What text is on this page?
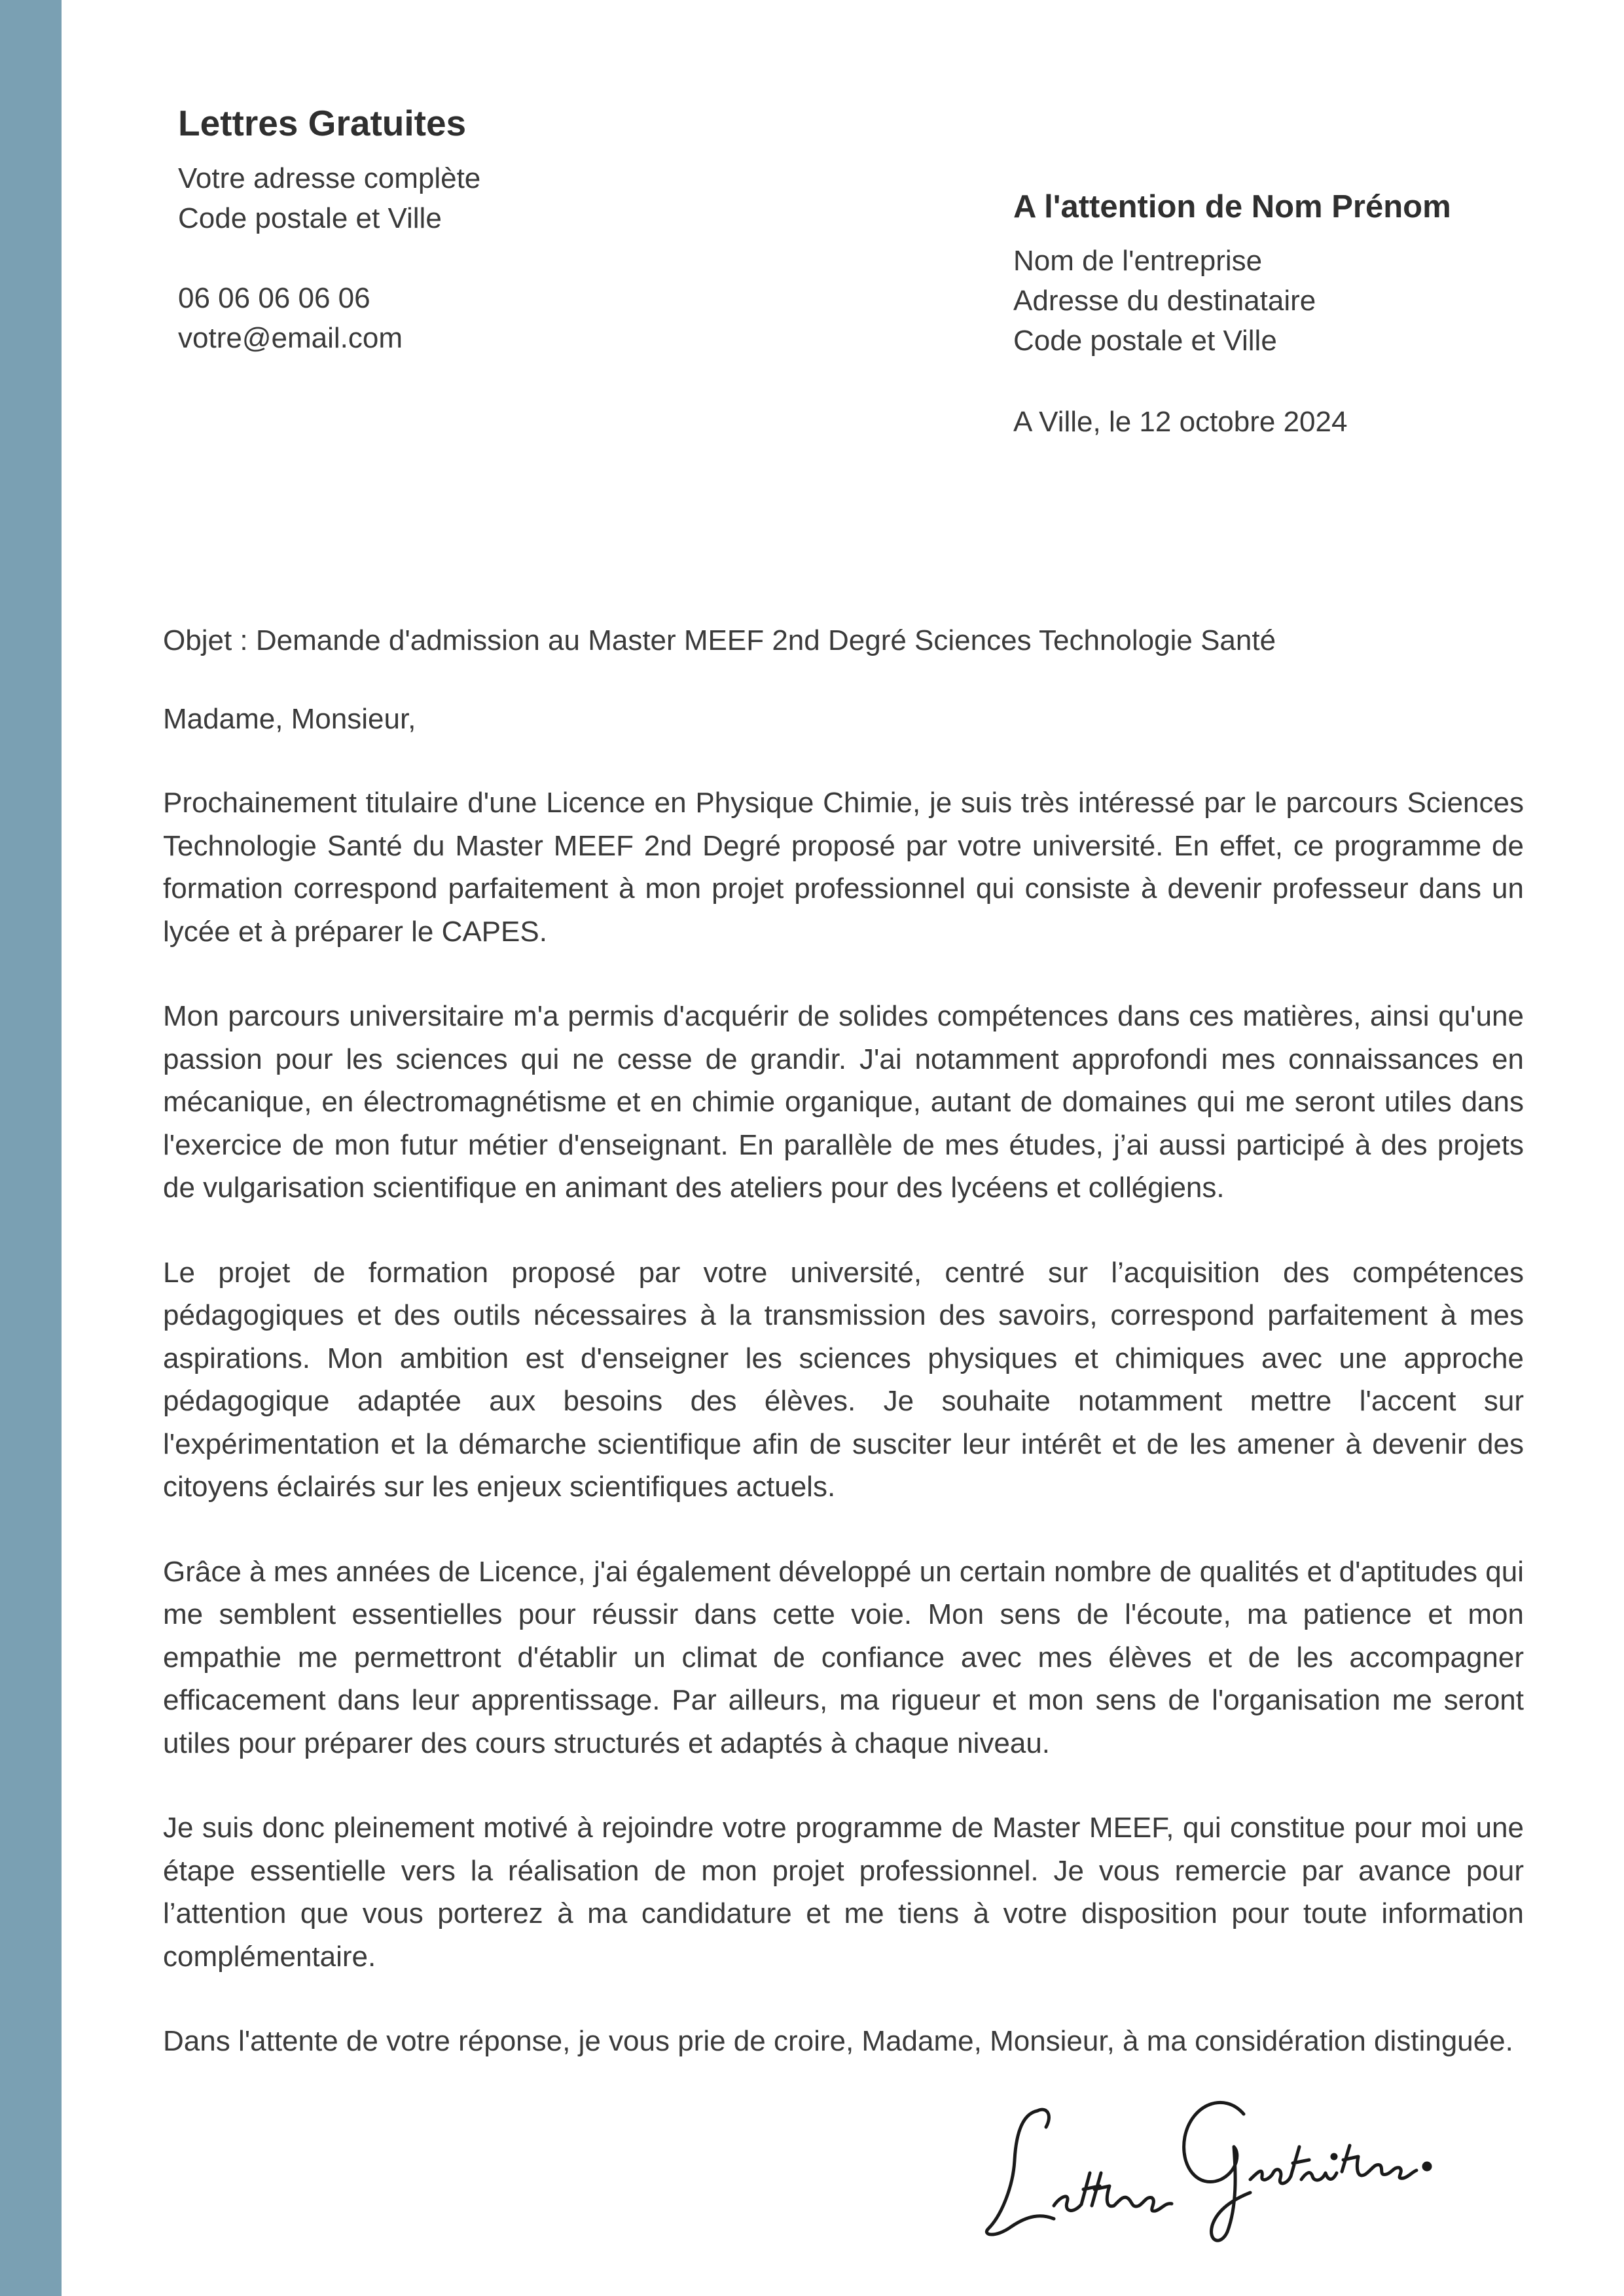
Lettres Gratuites
Votre adresse complète
Code postale et Ville
06 06 06 06 06
votre@email.com
A l'attention de Nom Prénom
Nom de l'entreprise
Adresse du destinataire
Code postale et Ville
A Ville, le 12 octobre 2024
Objet : Demande d'admission au Master MEEF 2nd Degré Sciences Technologie Santé
Madame, Monsieur,

Prochainement titulaire d'une Licence en Physique Chimie, je suis très intéressé par le parcours Sciences Technologie Santé du Master MEEF 2nd Degré proposé par votre université. En effet, ce programme de formation correspond parfaitement à mon projet professionnel qui consiste à devenir professeur dans un lycée et à préparer le CAPES.

Mon parcours universitaire m'a permis d'acquérir de solides compétences dans ces matières, ainsi qu'une passion pour les sciences qui ne cesse de grandir. J'ai notamment approfondi mes connaissances en mécanique, en électromagnétisme et en chimie organique, autant de domaines qui me seront utiles dans l'exercice de mon futur métier d'enseignant. En parallèle de mes études, j’ai aussi participé à des projets de vulgarisation scientifique en animant des ateliers pour des lycéens et collégiens.

Le projet de formation proposé par votre université, centré sur l’acquisition des compétences pédagogiques et des outils nécessaires à la transmission des savoirs, correspond parfaitement à mes aspirations. Mon ambition est d'enseigner les sciences physiques et chimiques avec une approche pédagogique adaptée aux besoins des élèves. Je souhaite notamment mettre l'accent sur l'expérimentation et la démarche scientifique afin de susciter leur intérêt et de les amener à devenir des citoyens éclairés sur les enjeux scientifiques actuels.

Grâce à mes années de Licence, j'ai également développé un certain nombre de qualités et d'aptitudes qui me semblent essentielles pour réussir dans cette voie. Mon sens de l'écoute, ma patience et mon empathie me permettront d'établir un climat de confiance avec mes élèves et de les accompagner efficacement dans leur apprentissage. Par ailleurs, ma rigueur et mon sens de l'organisation me seront utiles pour préparer des cours structurés et adaptés à chaque niveau.

Je suis donc pleinement motivé à rejoindre votre programme de Master MEEF, qui constitue pour moi une étape essentielle vers la réalisation de mon projet professionnel. Je vous remercie par avance pour l’attention que vous porterez à ma candidature et me tiens à votre disposition pour toute information complémentaire.

Dans l'attente de votre réponse, je vous prie de croire, Madame, Monsieur, à ma considération distinguée.
